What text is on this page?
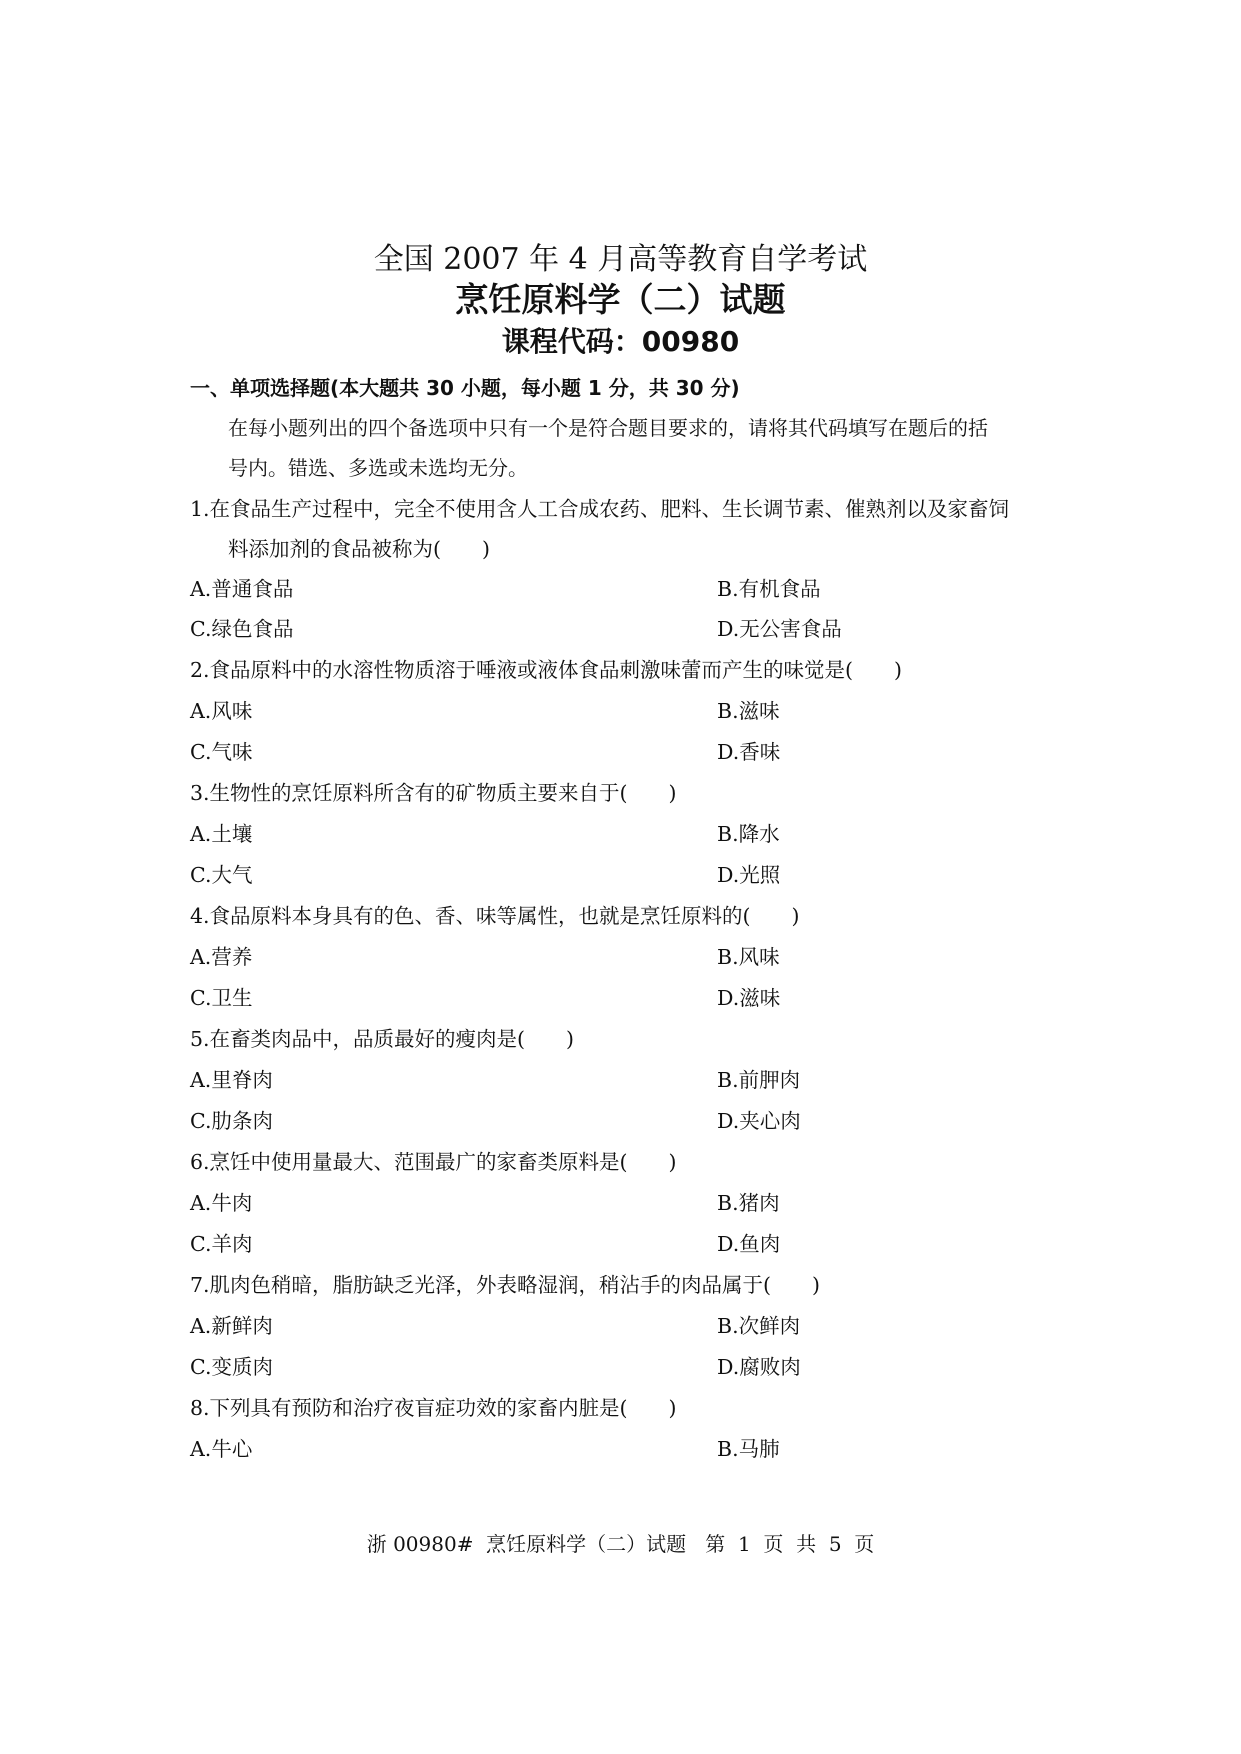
全国 2007 年 4 月高等教育自学考试
烹饪原料学（二）试题
课程代码：00980
一、单项选择题(本大题共 30 小题，每小题 1 分，共 30 分)
在每小题列出的四个备选项中只有一个是符合题目要求的，请将其代码填写在题后的括
号内。错选、多选或未选均无分。
1.在食品生产过程中，完全不使用含人工合成农药、肥料、生长调节素、催熟剂以及家畜饲
料添加剂的食品被称为(　　)
A.普通食品	B.有机食品
C.绿色食品	D.无公害食品
2.食品原料中的水溶性物质溶于唾液或液体食品刺激味蕾而产生的味觉是(　　)
A.风味	B.滋味
C.气味	D.香味
3.生物性的烹饪原料所含有的矿物质主要来自于(　　)
A.土壤	B.降水
C.大气	D.光照
4.食品原料本身具有的色、香、味等属性，也就是烹饪原料的(　　)
A.营养	B.风味
C.卫生	D.滋味
5.在畜类肉品中，品质最好的瘦肉是(　　)
A.里脊肉	B.前胛肉
C.肋条肉	D.夹心肉
6.烹饪中使用量最大、范围最广的家畜类原料是(　　)
A.牛肉	B.猪肉
C.羊肉	D.鱼肉
7.肌肉色稍暗，脂肪缺乏光泽，外表略湿润，稍沾手的肉品属于(　　)
A.新鲜肉	B.次鲜肉
C.变质肉	D.腐败肉
8.下列具有预防和治疗夜盲症功效的家畜内脏是(　　)
A.牛心	B.马肺
浙 00980#  烹饪原料学（二）试题   第  1  页  共  5  页
